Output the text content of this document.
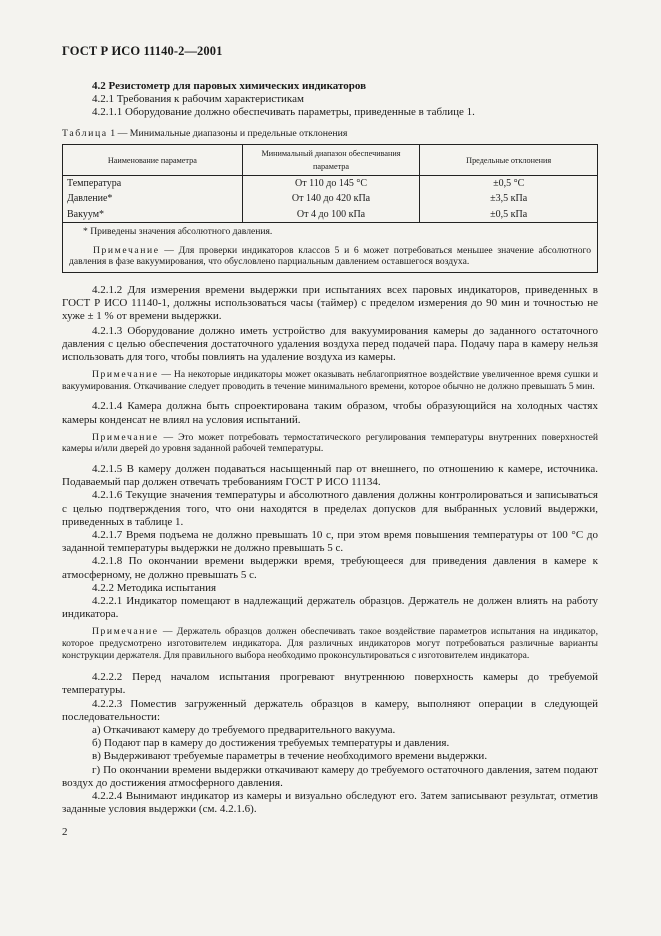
ГОСТ Р ИСО 11140-2—2001

4.2 Резистометр для паровых химических индикаторов

4.2.1 Требования к рабочим характеристикам

4.2.1.1 Оборудование должно обеспечивать параметры, приведенные в таблице 1.

Таблица 1 — Минимальные диапазоны и предельные отклонения

Наименование параметра	Минимальный диапазон обеспечивания параметра	Предельные отклонения
Температура	От 110 до 145 °С	±0,5 °С
Давление*	От 140 до 420 кПа	±3,5 кПа
Вакуум*	От 4 до 100 кПа	±0,5 кПа

* Приведены значения абсолютного давления.
Примечание — Для проверки индикаторов классов 5 и 6 может потребоваться меньшее значение абсолютного давления в фазе вакуумирования, что обусловлено парциальным давлением оставшегося воздуха.		

4.2.1.2 Для измерения времени выдержки при испытаниях всех паровых индикаторов, приведенных в ГОСТ Р ИСО 11140-1, должны использоваться часы (таймер) с пределом измерения до 90 мин и точностью не хуже ± 1 % от времени выдержки.

4.2.1.3 Оборудование должно иметь устройство для вакуумирования камеры до заданного остаточного давления с целью обеспечения достаточного удаления воздуха перед подачей пара. Подачу пара в камеру нельзя использовать для того, чтобы повлиять на удаление воздуха из камеры.

Примечание — На некоторые индикаторы может оказывать неблагоприятное воздействие увеличенное время сушки и вакуумирования. Откачивание следует проводить в течение минимального времени, которое обычно не должно превышать 5 мин.

4.2.1.4 Камера должна быть спроектирована таким образом, чтобы образующийся на холодных частях камеры конденсат не влиял на условия испытаний.

Примечание — Это может потребовать термостатического регулирования температуры внутренних поверхностей камеры и/или дверей до уровня заданной рабочей температуры.

4.2.1.5 В камеру должен подаваться насыщенный пар от внешнего, по отношению к камере, источника. Подаваемый пар должен отвечать требованиям ГОСТ Р ИСО 11134.

4.2.1.6 Текущие значения температуры и абсолютного давления должны контролироваться и записываться с целью подтверждения того, что они находятся в пределах допусков для выбранных условий выдержки, приведенных в таблице 1.

4.2.1.7 Время подъема не должно превышать 10 с, при этом время повышения температуры от 100 °С до заданной температуры выдержки не должно превышать 5 с.

4.2.1.8 По окончании времени выдержки время, требующееся для приведения давления в камере к атмосферному, не должно превышать 5 с.

4.2.2 Методика испытания

4.2.2.1 Индикатор помещают в надлежащий держатель образцов. Держатель не должен влиять на работу индикатора.

Примечание — Держатель образцов должен обеспечивать такое воздействие параметров испытания на индикатор, которое предусмотрено изготовителем индикатора. Для различных индикаторов могут потребоваться различные варианты конструкции держателя. Для правильного выбора необходимо проконсультироваться с изготовителем индикатора.

4.2.2.2 Перед началом испытания прогревают внутреннюю поверхность камеры до требуемой температуры.

4.2.2.3 Поместив загруженный держатель образцов в камеру, выполняют операции в следующей последовательности:

а) Откачивают камеру до требуемого предварительного вакуума.

б) Подают пар в камеру до достижения требуемых температуры и давления.

в) Выдерживают требуемые параметры в течение необходимого времени выдержки.

г) По окончании времени выдержки откачивают камеру до требуемого остаточного давления, затем подают воздух до достижения атмосферного давления.

4.2.2.4 Вынимают индикатор из камеры и визуально обследуют его. Затем записывают результат, отметив заданные условия выдержки (см. 4.2.1.6).

2
